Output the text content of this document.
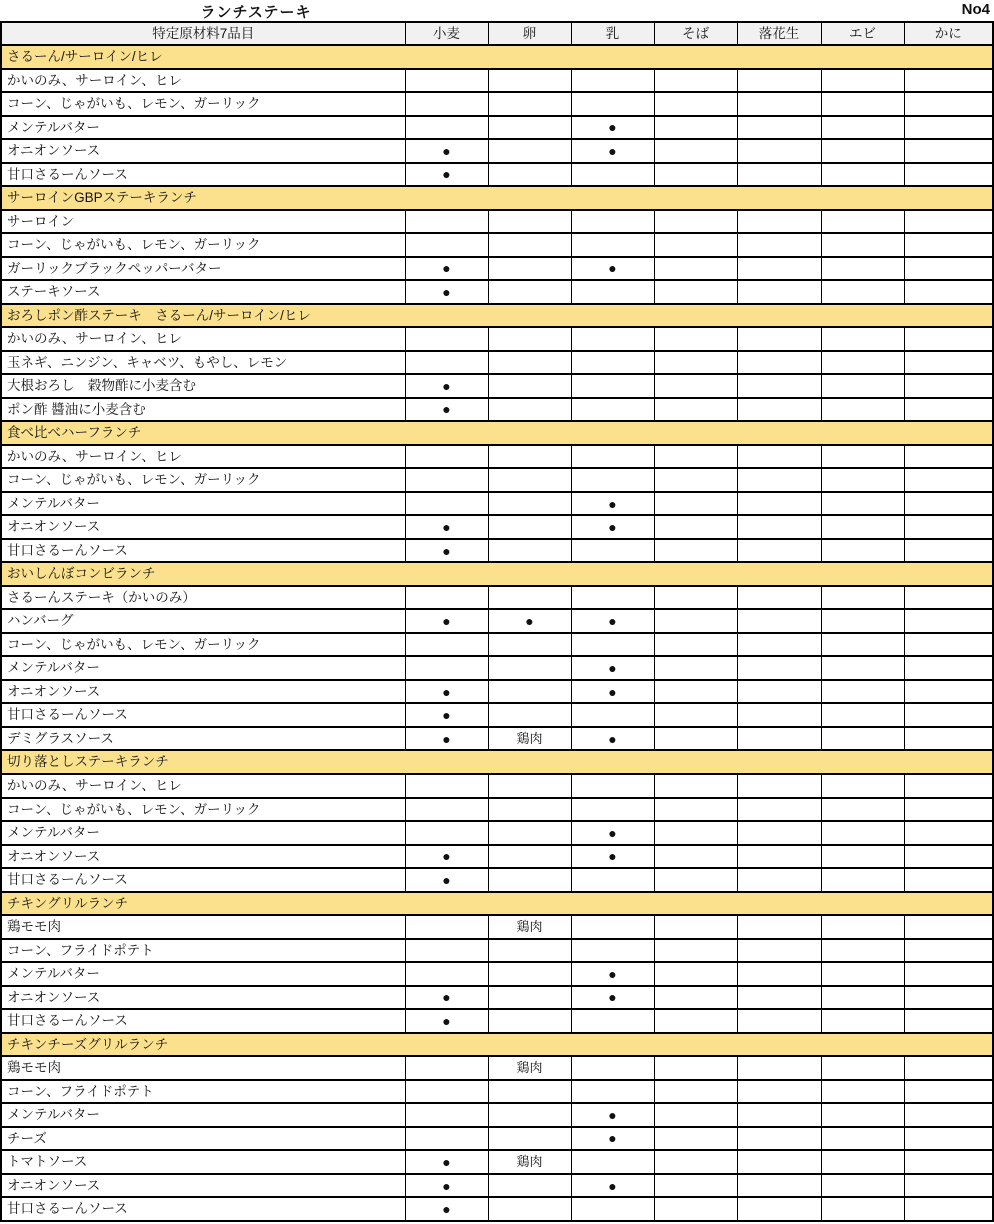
ランチステーキ	No4
特定原材料7品目	小麦	卵	乳	そば	落花生	エビ	かに
さるーん/サーロイン/ヒレ							
かいのみ、サーロイン、ヒレ							
コーン、じゃがいも、レモン、ガーリック							
メンテルバター			●				
オニオンソース	●		●				
甘口さるーんソース	●						
サーロインGBPステーキランチ							
サーロイン							
コーン、じゃがいも、レモン、ガーリック							
ガーリックブラックペッパーバター	●		●				
ステーキソース	●						
おろしポン酢ステーキ　さるーん/サーロイン/ヒレ							
かいのみ、サーロイン、ヒレ							
玉ネギ、ニンジン、キャベツ、もやし、レモン							
大根おろし　穀物酢に小麦含む	●						
ポン酢 醬油に小麦含む	●						
食べ比べハーフランチ							
かいのみ、サーロイン、ヒレ							
コーン、じゃがいも、レモン、ガーリック							
メンテルバター			●				
オニオンソース	●		●				
甘口さるーんソース	●						
おいしんぼコンビランチ							
さるーんステーキ（かいのみ）							
ハンバーグ	●	●	●				
コーン、じゃがいも、レモン、ガーリック							
メンテルバター			●				
オニオンソース	●		●				
甘口さるーんソース	●						
デミグラスソース	●	鶏肉	●				
切り落としステーキランチ							
かいのみ、サーロイン、ヒレ							
コーン、じゃがいも、レモン、ガーリック							
メンテルバター			●				
オニオンソース	●		●				
甘口さるーんソース	●						
チキングリルランチ							
鶏モモ肉		鶏肉					
コーン、フライドポテト							
メンテルバター			●				
オニオンソース	●		●				
甘口さるーんソース	●						
チキンチーズグリルランチ							
鶏モモ肉		鶏肉					
コーン、フライドポテト							
メンテルバター			●				
チーズ			●				
トマトソース	●	鶏肉					
オニオンソース	●		●				
甘口さるーんソース	●						
